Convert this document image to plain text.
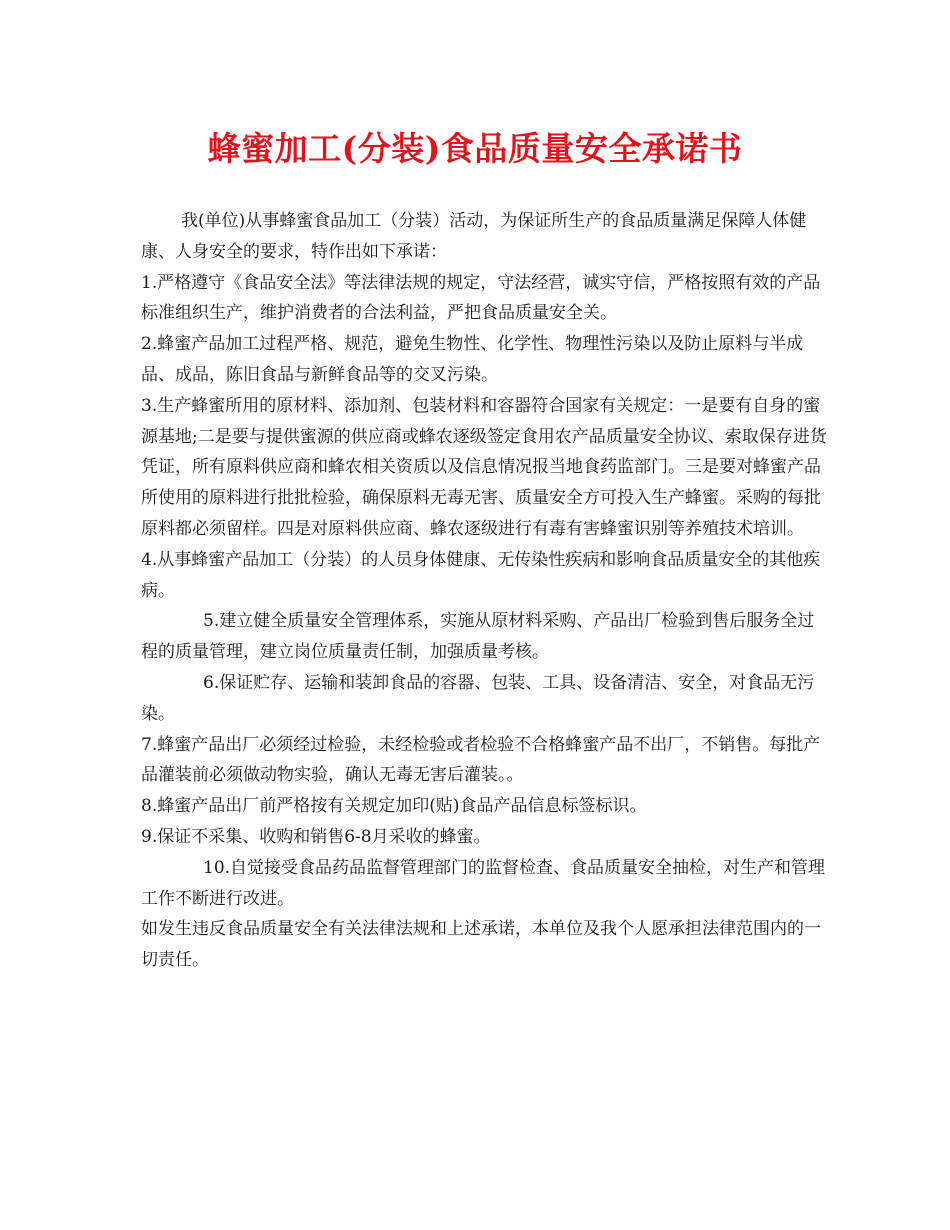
蜂蜜加工(分装)食品质量安全承诺书

我(单位)从事蜂蜜食品加工（分装）活动，为保证所生产的食品质量满足保障人体健康、人身安全的要求，特作出如下承诺：

1.严格遵守《食品安全法》等法律法规的规定，守法经营，诚实守信，严格按照有效的产品标准组织生产，维护消费者的合法利益，严把食品质量安全关。

2.蜂蜜产品加工过程严格、规范，避免生物性、化学性、物理性污染以及防止原料与半成品、成品，陈旧食品与新鲜食品等的交叉污染。

3.生产蜂蜜所用的原材料、添加剂、包装材料和容器符合国家有关规定：一是要有自身的蜜源基地;二是要与提供蜜源的供应商或蜂农逐级签定食用农产品质量安全协议、索取保存进货凭证，所有原料供应商和蜂农相关资质以及信息情况报当地食药监部门。三是要对蜂蜜产品所使用的原料进行批批检验，确保原料无毒无害、质量安全方可投入生产蜂蜜。采购的每批原料都必须留样。四是对原料供应商、蜂农逐级进行有毒有害蜂蜜识别等养殖技术培训。

4.从事蜂蜜产品加工（分装）的人员身体健康、无传染性疾病和影响食品质量安全的其他疾病。

5.建立健全质量安全管理体系，实施从原材料采购、产品出厂检验到售后服务全过程的质量管理，建立岗位质量责任制，加强质量考核。

6.保证贮存、运输和装卸食品的容器、包装、工具、设备清洁、安全，对食品无污染。

7.蜂蜜产品出厂必须经过检验，未经检验或者检验不合格蜂蜜产品不出厂，不销售。每批产品灌装前必须做动物实验，确认无毒无害后灌装。。

8.蜂蜜产品出厂前严格按有关规定加印(贴)食品产品信息标签标识。

9.保证不采集、收购和销售6-8月采收的蜂蜜。

10.自觉接受食品药品监督管理部门的监督检查、食品质量安全抽检，对生产和管理工作不断进行改进。

如发生违反食品质量安全有关法律法规和上述承诺，本单位及我个人愿承担法律范围内的一切责任。
